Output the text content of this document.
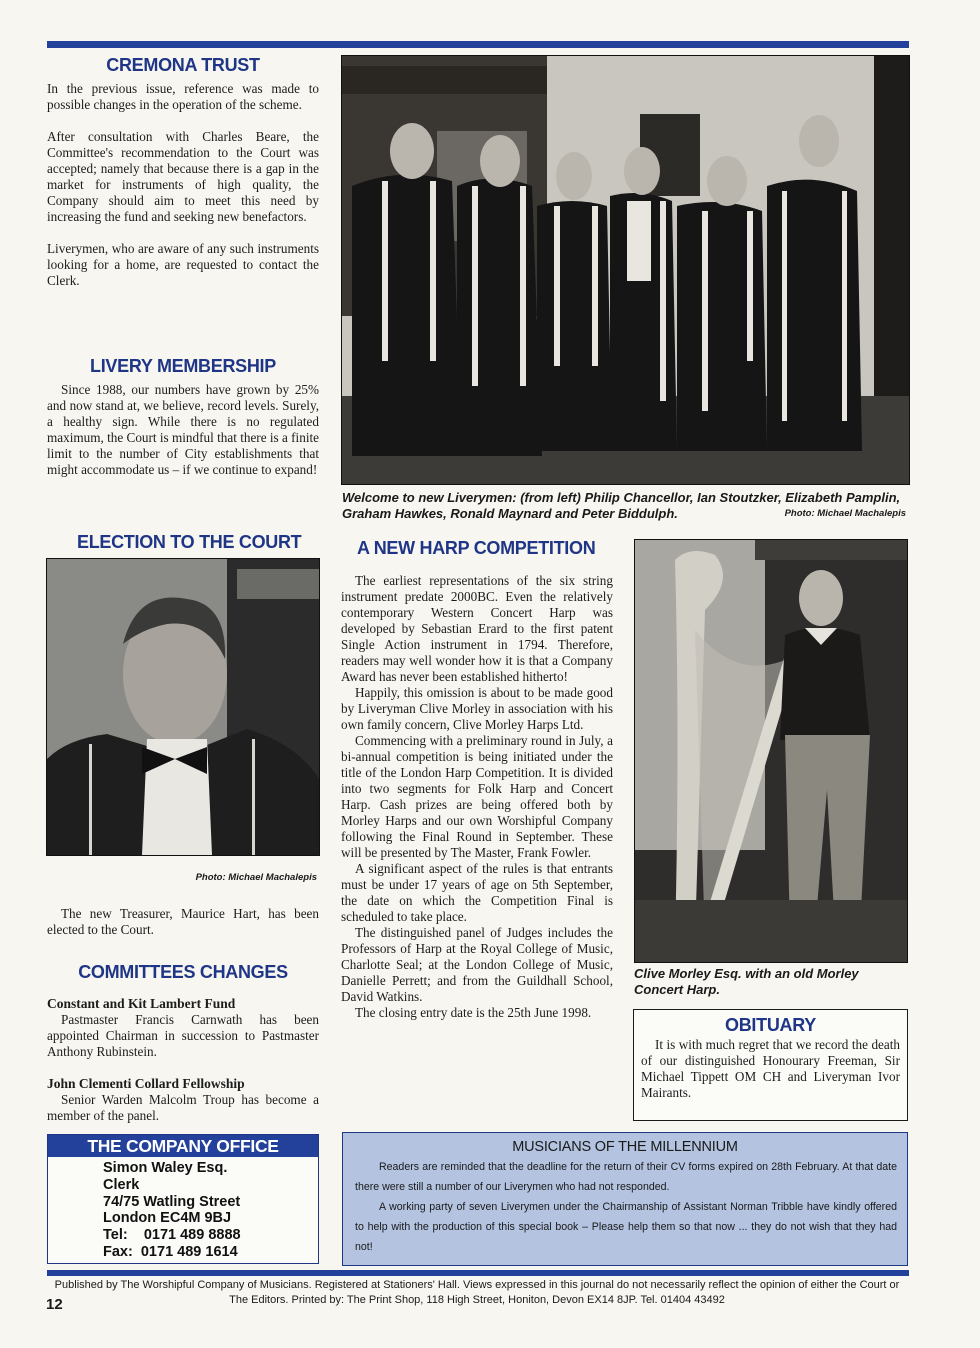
CREMONA TRUST

In the previous issue, reference was made to possible changes in the operation of the scheme.

After consultation with Charles Beare, the Committee's recommendation to the Court was accepted; namely that because there is a gap in the market for instruments of high quality, the Company should aim to meet this need by increasing the fund and seeking new benefactors.

Liverymen, who are aware of any such instruments looking for a home, are requested to contact the Clerk.

LIVERY MEMBERSHIP

Since 1988, our numbers have grown by 25% and now stand at, we believe, record levels. Surely, a healthy sign. While there is no regulated maximum, the Court is mindful that there is a finite limit to the number of City establishments that might accommodate us – if we continue to expand!

ELECTION TO THE COURT
Photo: Michael Machalepis

The new Treasurer, Maurice Hart, has been elected to the Court.

COMMITTEES CHANGES

Constant and Kit Lambert Fund

Pastmaster Francis Carnwath has been appointed Chairman in succession to Pastmaster Anthony Rubinstein.

John Clementi Collard Fellowship

Senior Warden Malcolm Troup has become a member of the panel.

THE COMPANY OFFICE
Simon Waley Esq.
Clerk
74/75 Watling Street
London EC4M 9BJ
Tel:    0171 489 8888
Fax:  0171 489 1614
Welcome to new Liverymen: (from left) Philip Chancellor, Ian Stoutzker, Elizabeth Pamplin, Graham Hawkes, Ronald Maynard and Peter Biddulph.	Photo: Michael Machalepis
A NEW HARP COMPETITION

The earliest representations of the six string instrument predate 2000BC. Even the relatively contemporary Western Concert Harp was developed by Sebastian Erard to the first patent Single Action instrument in 1794. Therefore, readers may well wonder how it is that a Company Award has never been established hitherto!

Happily, this omission is about to be made good by Liveryman Clive Morley in association with his own family concern, Clive Morley Harps Ltd.

Commencing with a preliminary round in July, a bi-annual competition is being initiated under the title of the London Harp Competition. It is divided into two segments for Folk Harp and Concert Harp. Cash prizes are being offered both by Morley Harps and our own Worshipful Company following the Final Round in September. These will be presented by The Master, Frank Fowler.

A significant aspect of the rules is that entrants must be under 17 years of age on 5th September, the date on which the Competition Final is scheduled to take place.

The distinguished panel of Judges includes the Professors of Harp at the Royal College of Music, Charlotte Seal; at the London College of Music, Danielle Perrett; and from the Guildhall School, David Watkins.

The closing entry date is the 25th June 1998.

Clive Morley Esq. with an old Morley Concert Harp.
OBITUARY

It is with much regret that we record the death of our distinguished Honourary Freeman, Sir Michael Tippett OM CH and Liveryman Ivor Mairants.

MUSICIANS OF THE MILLENNIUM

Readers are reminded that the deadline for the return of their CV forms expired on 28th February. At that date there were still a number of our Liverymen who had not responded.

A working party of seven Liverymen under the Chairmanship of Assistant Norman Tribble have kindly offered to help with the production of this special book – Please help them so that now ... they do not wish that they had not!

Published by The Worshipful Company of Musicians. Registered at Stationers' Hall. Views expressed in this journal do not necessarily reflect the opinion of either the Court or The Editors. Printed by: The Print Shop, 118 High Street, Honiton, Devon EX14 8JP. Tel. 01404 43492
12
